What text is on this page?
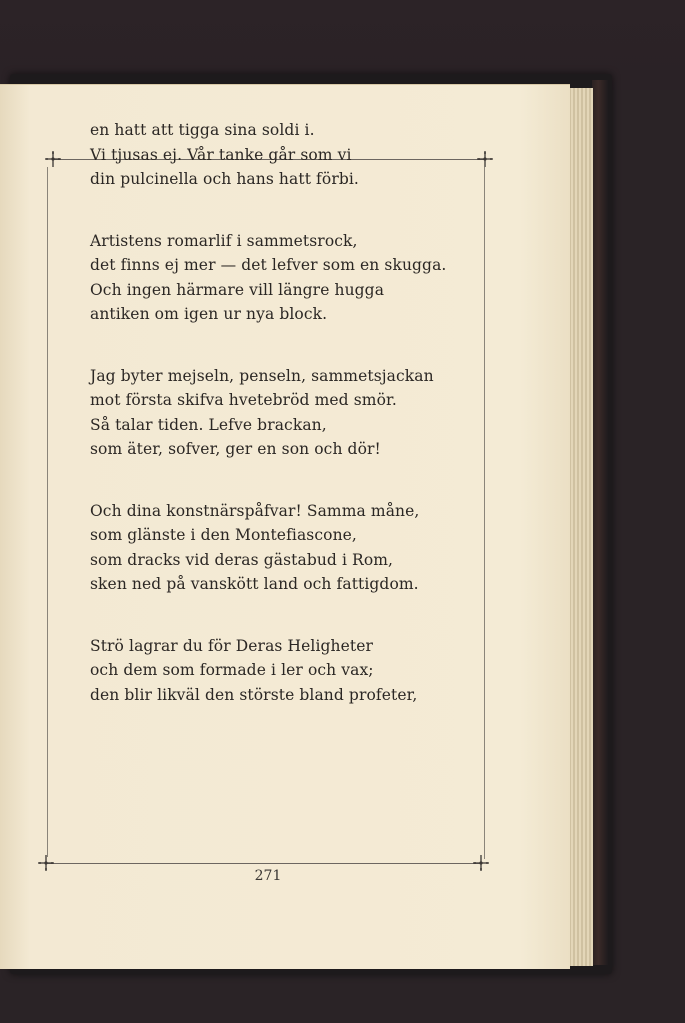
271
en hatt att tigga sina soldi i.
Vi tjusas ej. Vår tanke går som vi
din pulcinella och hans hatt förbi.
Artistens romarlif i sammetsrock,
det finns ej mer — det lefver som en skugga.
Och ingen härmare vill längre hugga
antiken om igen ur nya block.
Jag byter mejseln, penseln, sammetsjackan
mot första skifva hvetebröd med smör.
Så talar tiden. Lefve brackan,
som äter, sofver, ger en son och dör!
Och dina konstnärspåfvar! Samma måne,
som glänste i den Montefiascone,
som dracks vid deras gästabud i Rom,
sken ned på vanskött land och fattigdom.
Strö lagrar du för Deras Heligheter
och dem som formade i ler och vax;
den blir likväl den störste bland profeter,
